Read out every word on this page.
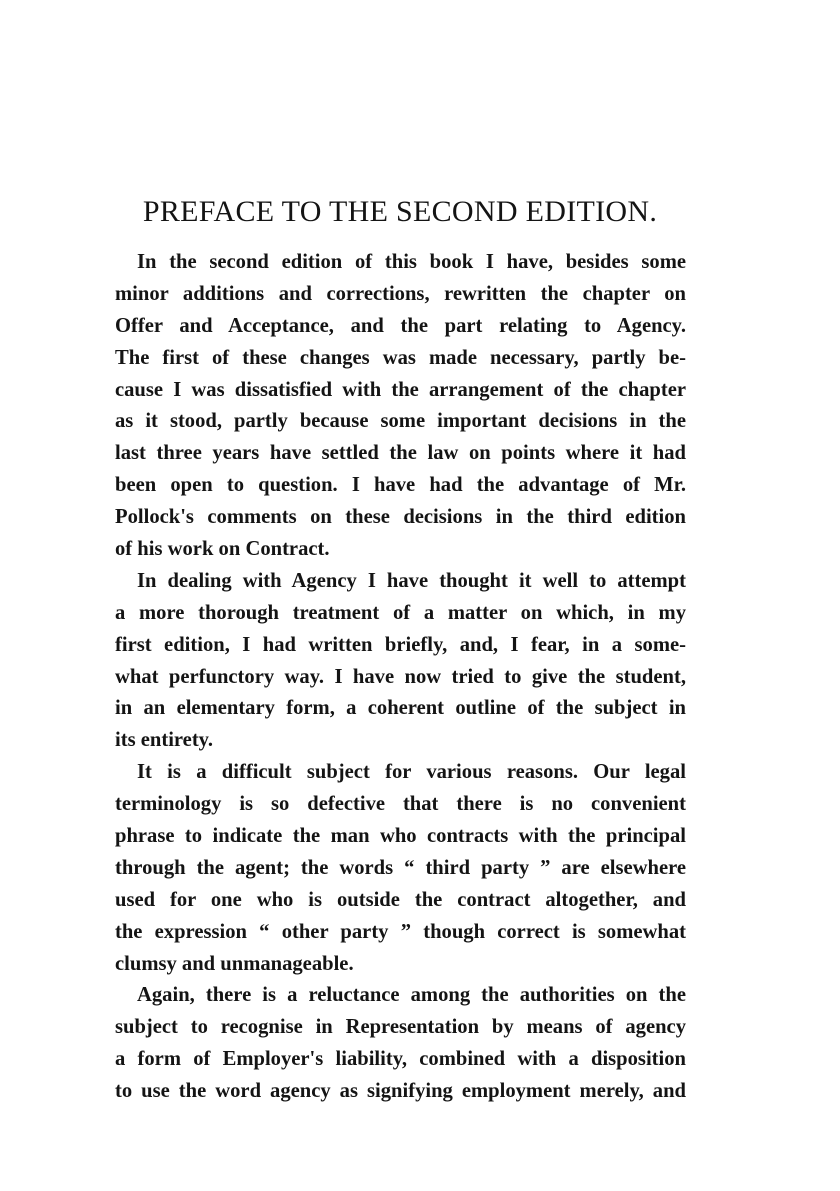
PREFACE TO THE SECOND EDITION.
In the second edition of this book I have, besides some
minor additions and corrections, rewritten the chapter on
Offer and Acceptance, and the part relating to Agency.
The first of these changes was made necessary, partly be-
cause I was dissatisfied with the arrangement of the chapter
as it stood, partly because some important decisions in the
last three years have settled the law on points where it had
been open to question. I have had the advantage of Mr.
Pollock's comments on these decisions in the third edition
of his work on Contract.
In dealing with Agency I have thought it well to attempt
a more thorough treatment of a matter on which, in my
first edition, I had written briefly, and, I fear, in a some-
what perfunctory way. I have now tried to give the student,
in an elementary form, a coherent outline of the subject in
its entirety.
It is a difficult subject for various reasons. Our legal
terminology is so defective that there is no convenient
phrase to indicate the man who contracts with the principal
through the agent; the words “ third party ” are elsewhere
used for one who is outside the contract altogether, and
the expression “ other party ” though correct is somewhat
clumsy and unmanageable.
Again, there is a reluctance among the authorities on the
subject to recognise in Representation by means of agency
a form of Employer's liability, combined with a disposition
to use the word agency as signifying employment merely, and
